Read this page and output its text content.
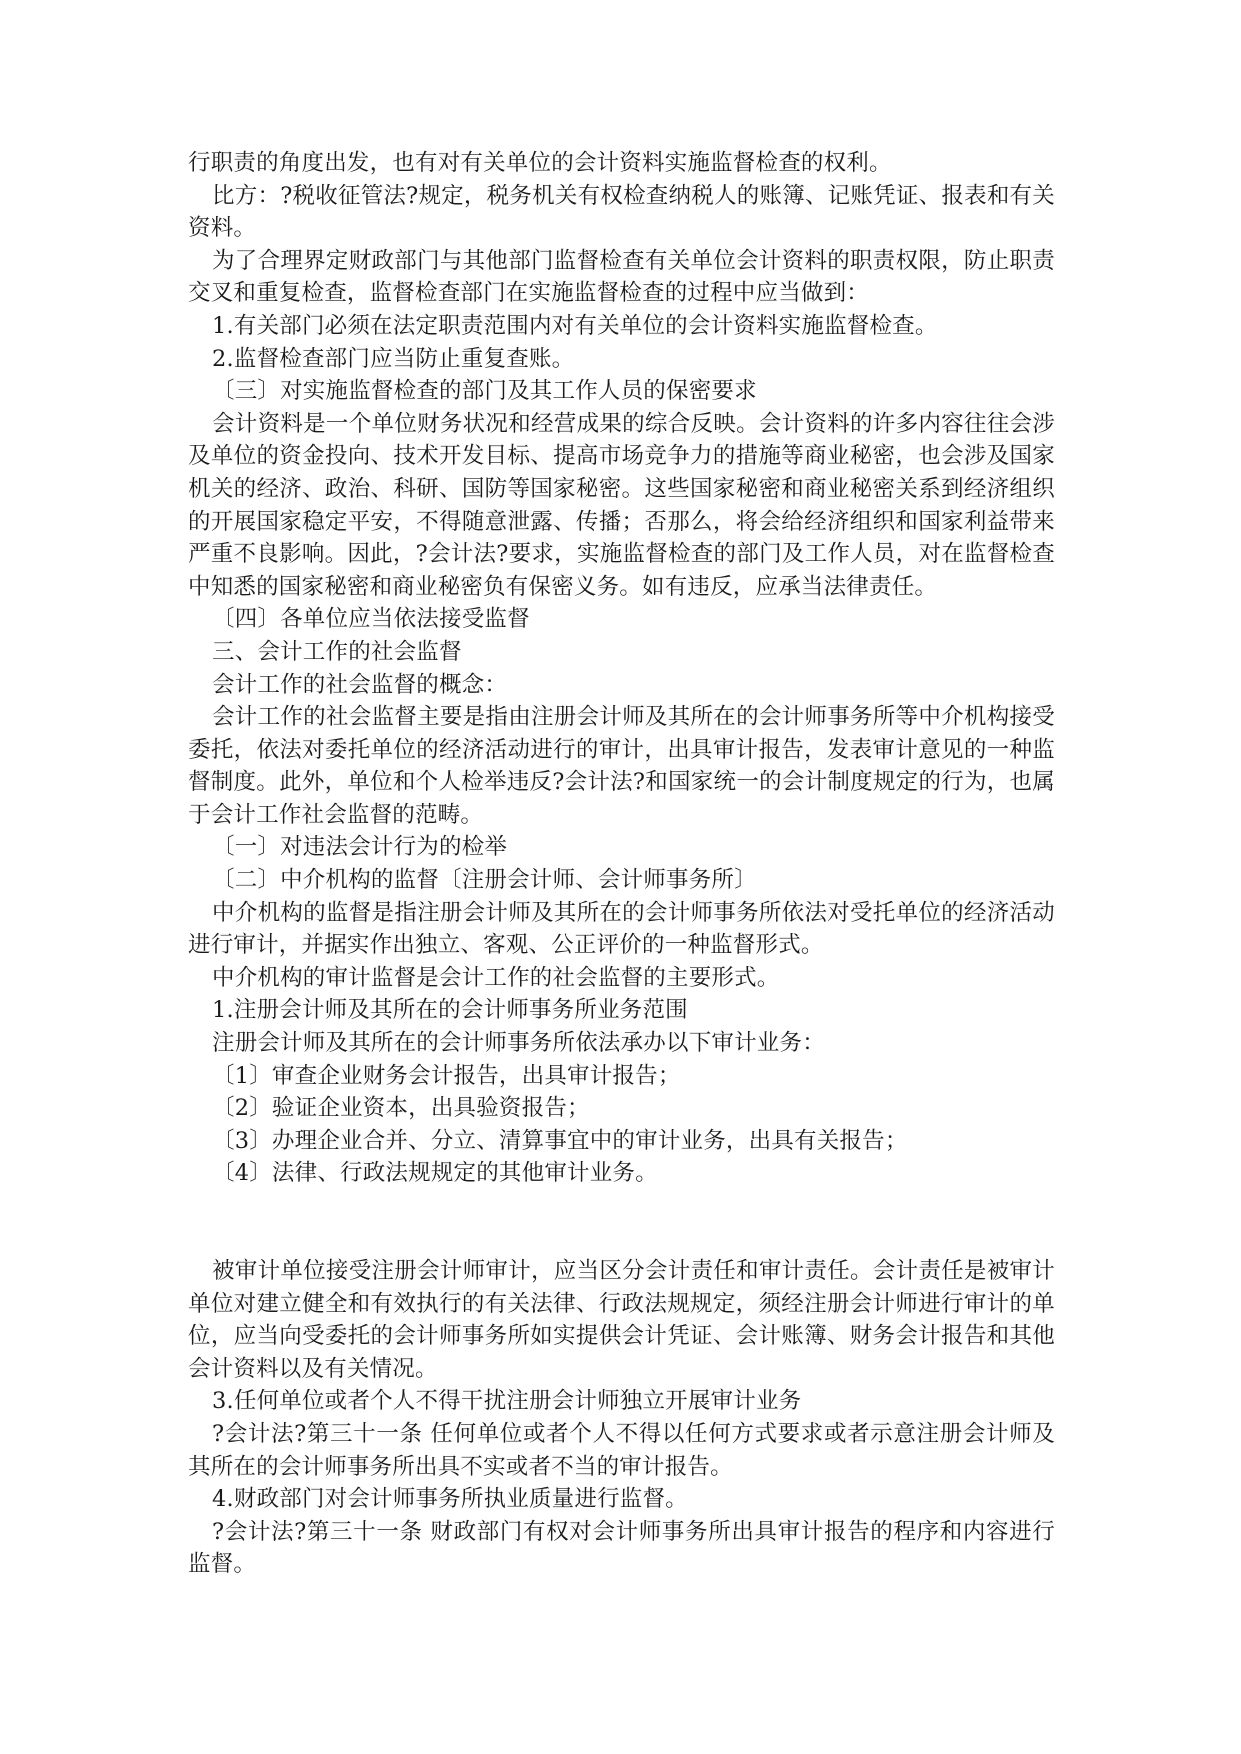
行职责的角度出发，也有对有关单位的会计资料实施监督检查的权利。

比方：?税收征管法?规定，税务机关有权检查纳税人的账簿、记账凭证、报表和有关资料。

为了合理界定财政部门与其他部门监督检查有关单位会计资料的职责权限，防止职责交叉和重复检查，监督检查部门在实施监督检查的过程中应当做到：

1.有关部门必须在法定职责范围内对有关单位的会计资料实施监督检查。

2.监督检查部门应当防止重复查账。

〔三〕对实施监督检查的部门及其工作人员的保密要求

会计资料是一个单位财务状况和经营成果的综合反映。会计资料的许多内容往往会涉及单位的资金投向、技术开发目标、提高市场竞争力的措施等商业秘密，也会涉及国家机关的经济、政治、科研、国防等国家秘密。这些国家秘密和商业秘密关系到经济组织的开展国家稳定平安，不得随意泄露、传播；否那么，将会给经济组织和国家利益带来严重不良影响。因此，?会计法?要求，实施监督检查的部门及工作人员，对在监督检查中知悉的国家秘密和商业秘密负有保密义务。如有违反，应承当法律责任。

〔四〕各单位应当依法接受监督

三、会计工作的社会监督

会计工作的社会监督的概念：

会计工作的社会监督主要是指由注册会计师及其所在的会计师事务所等中介机构接受委托，依法对委托单位的经济活动进行的审计，出具审计报告，发表审计意见的一种监督制度。此外，单位和个人检举违反?会计法?和国家统一的会计制度规定的行为，也属于会计工作社会监督的范畴。

〔一〕对违法会计行为的检举

〔二〕中介机构的监督〔注册会计师、会计师事务所〕

中介机构的监督是指注册会计师及其所在的会计师事务所依法对受托单位的经济活动进行审计，并据实作出独立、客观、公正评价的一种监督形式。

中介机构的审计监督是会计工作的社会监督的主要形式。

1.注册会计师及其所在的会计师事务所业务范围

注册会计师及其所在的会计师事务所依法承办以下审计业务：

〔1〕审查企业财务会计报告，出具审计报告；

〔2〕验证企业资本，出具验资报告；

〔3〕办理企业合并、分立、清算事宜中的审计业务，出具有关报告；

〔4〕法律、行政法规规定的其他审计业务。

被审计单位接受注册会计师审计，应当区分会计责任和审计责任。会计责任是被审计单位对建立健全和有效执行的有关法律、行政法规规定，须经注册会计师进行审计的单位，应当向受委托的会计师事务所如实提供会计凭证、会计账簿、财务会计报告和其他会计资料以及有关情况。

3.任何单位或者个人不得干扰注册会计师独立开展审计业务

?会计法?第三十一条 任何单位或者个人不得以任何方式要求或者示意注册会计师及其所在的会计师事务所出具不实或者不当的审计报告。

4.财政部门对会计师事务所执业质量进行监督。

?会计法?第三十一条 财政部门有权对会计师事务所出具审计报告的程序和内容进行监督。
